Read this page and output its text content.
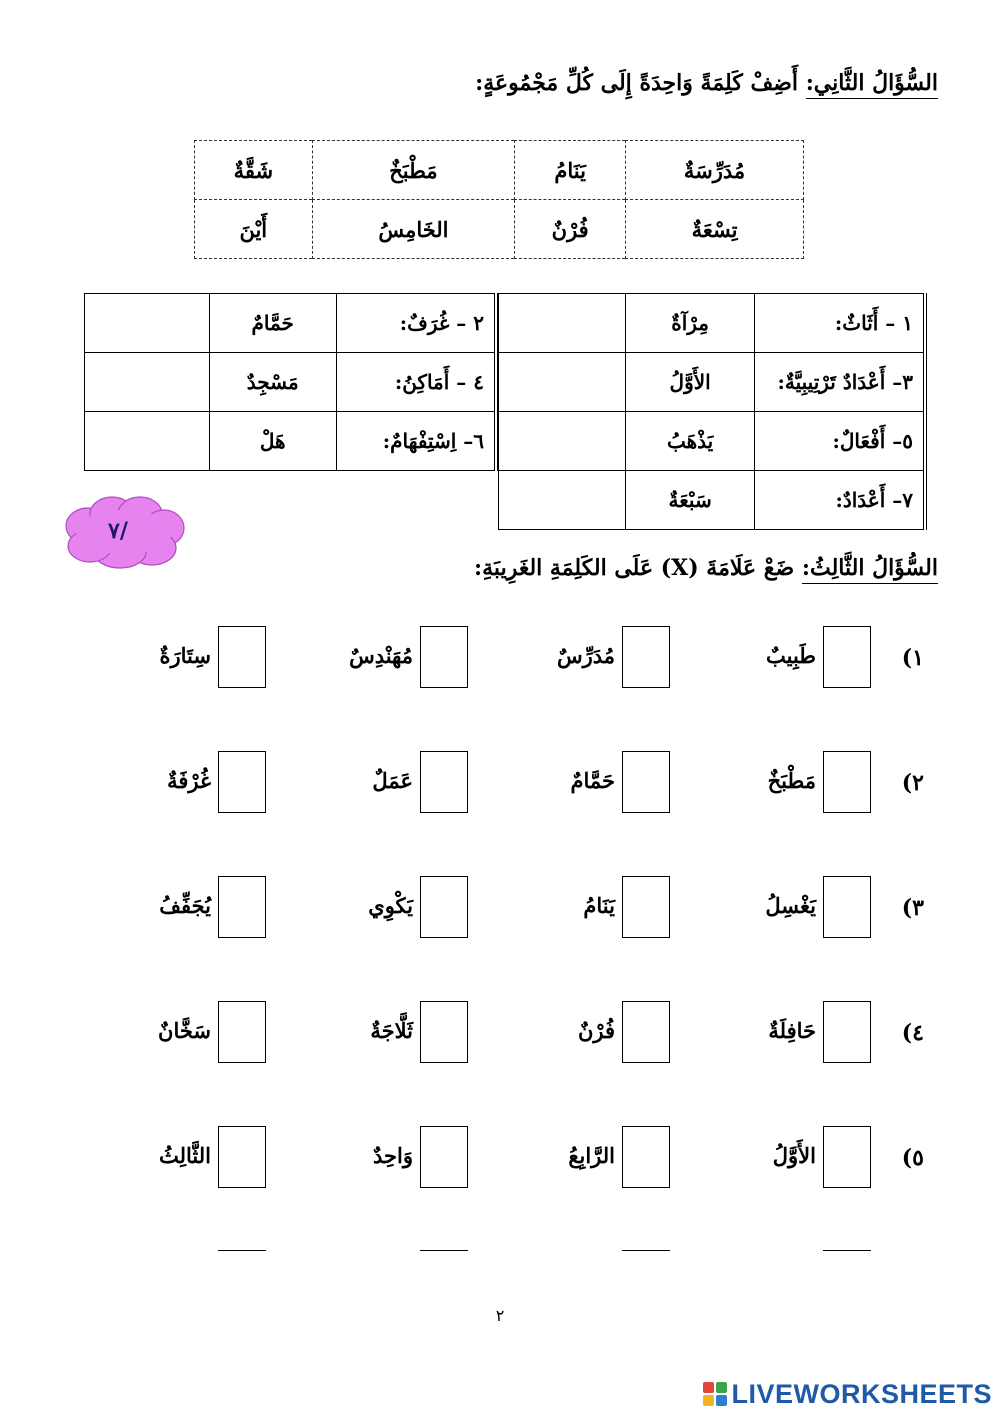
السُّؤَالُ الثَّانِي: أَضِفْ كَلِمَةً وَاحِدَةً إِلَى كُلِّ مَجْمُوعَةٍ:
مُدَرِّسَةٌ	يَنَامُ	مَطْبَخٌ	شَقَّةٌ
تِسْعَةٌ	فُرْنٌ	الخَامِسُ	أَيْنَ
١ – أَثَاثٌ:	مِرْآةٌ	
٣– أَعْدَادٌ تَرْتِيبِيَّةٌ:	الأَوَّلُ	
٥– أَفْعَالٌ:	يَذْهَبُ	
٧– أَعْدَادٌ:	سَبْعَةٌ	
٢ – غُرَفٌ:	حَمَّامٌ	
٤ – أَمَاكِنُ:	مَسْجِدٌ	
٦– اِسْتِفْهَامٌ:	هَلْ	
٧/
السُّؤَالُ الثَّالِثُ: ضَعْ عَلَامَةَ (X) عَلَى الكَلِمَةِ الغَرِيبَةِ:
١)
طَبِيبٌ
مُدَرِّسٌ
مُهَنْدِسٌ
سِتَارَةٌ
٢)
مَطْبَخٌ
حَمَّامٌ
عَمَلٌ
غُرْفَةٌ
٣)
يَغْسِلُ
يَنَامُ
يَكْوِي
يُجَفِّفُ
٤)
حَافِلَةٌ
فُرْنٌ
ثَلَّاجَةٌ
سَخَّانٌ
٥)
الأَوَّلُ
الرَّابِعُ
وَاحِدٌ
الثَّالِثُ
٢
LIVEWORKSHEETS
